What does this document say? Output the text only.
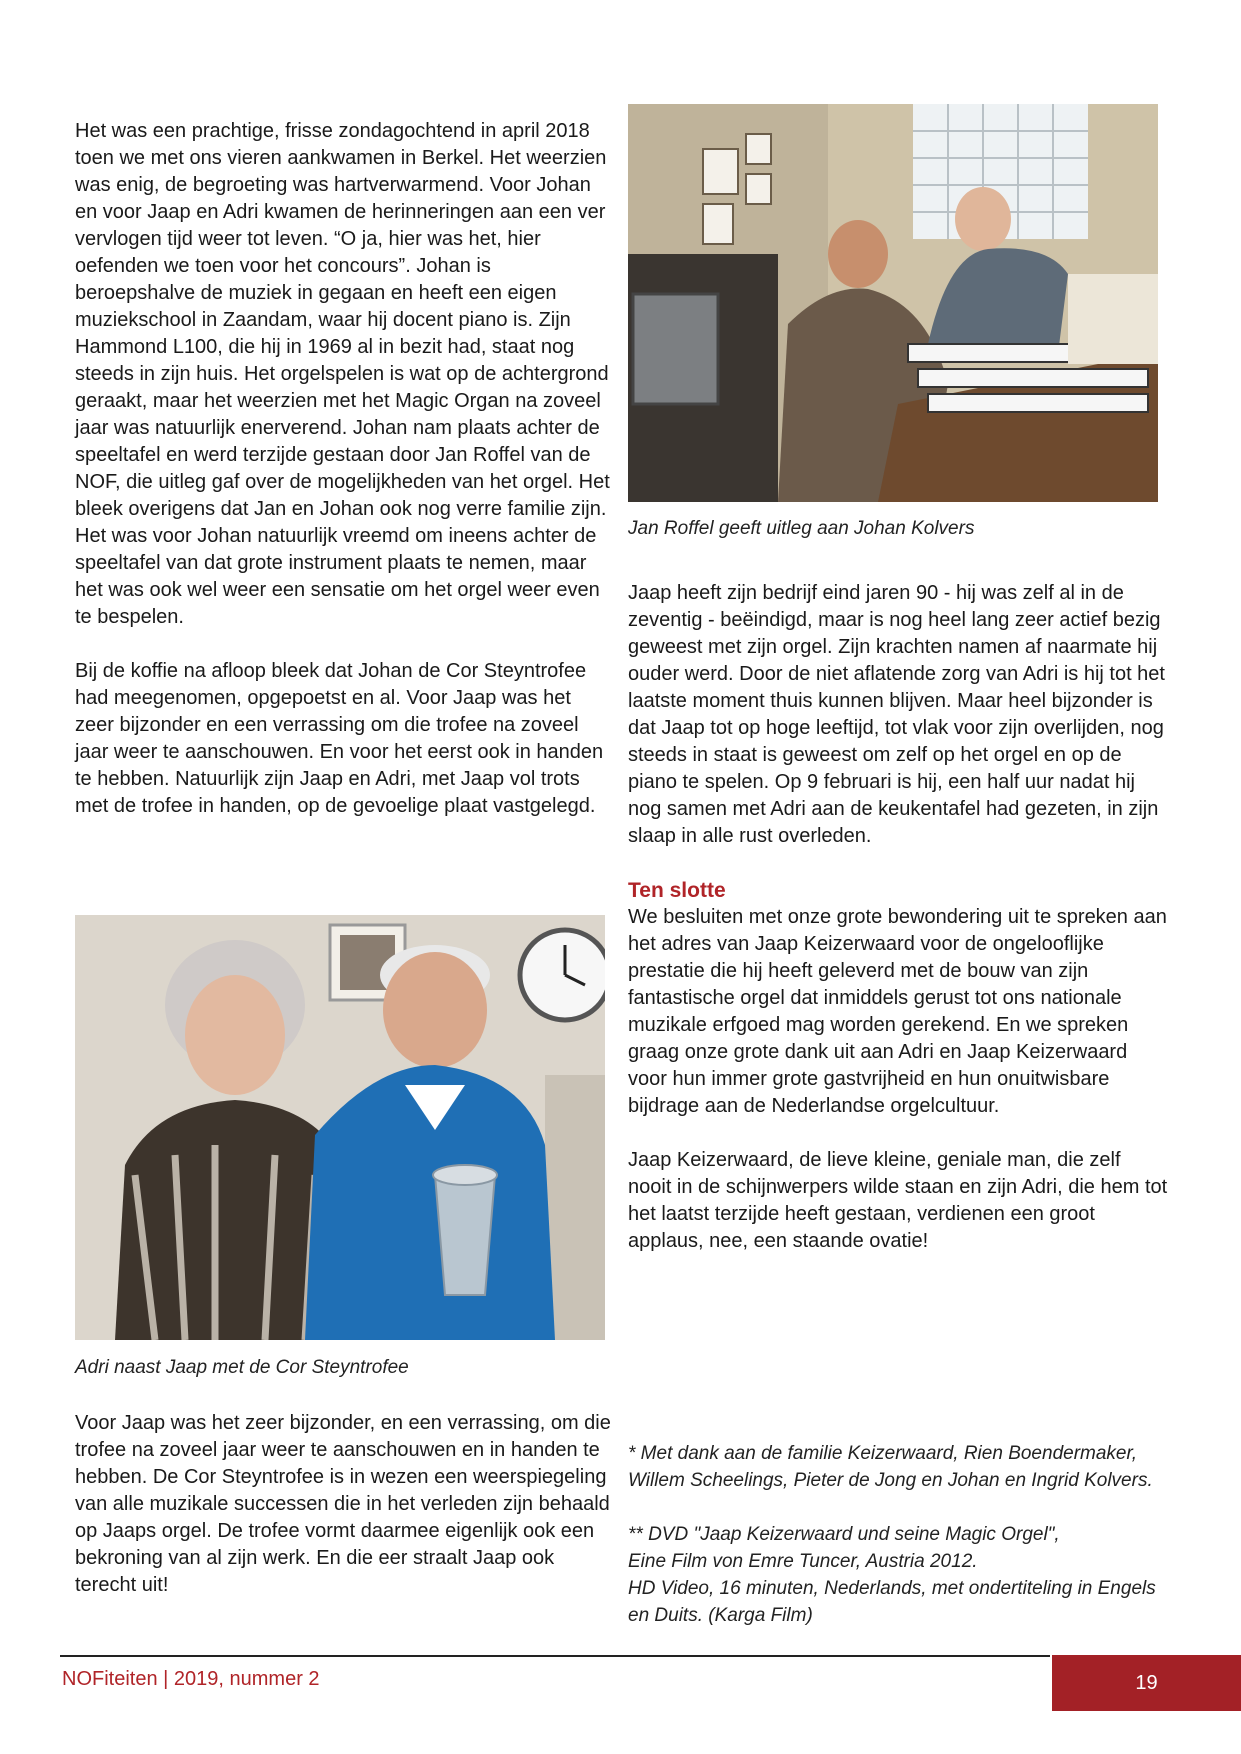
Het was een prachtige, frisse zondagochtend in april 2018 toen we met ons vieren aankwamen in Berkel. Het weerzien was enig, de begroeting was hartverwarmend. Voor Johan en voor Jaap en Adri kwamen de herinneringen aan een ver vervlogen tijd weer tot leven. “O ja, hier was het, hier oefenden we toen voor het concours”. Johan is beroepshalve de muziek in gegaan en heeft een eigen muziekschool in Zaandam, waar hij docent piano is. Zijn Hammond L100, die hij in 1969 al in bezit had, staat nog steeds in zijn huis. Het orgelspelen is wat op de achtergrond geraakt, maar het weerzien met het Magic Organ na zoveel jaar was natuurlijk enerverend. Johan nam plaats achter de speeltafel en werd terzijde gestaan door Jan Roffel van de NOF, die uitleg gaf over de mogelijkheden van het orgel. Het bleek overigens dat Jan en Johan ook nog verre familie zijn. Het was voor Johan natuurlijk vreemd om ineens achter de speeltafel van dat grote instrument plaats te nemen, maar het was ook wel weer een sensatie om het orgel weer even te bespelen.

Bij de koffie na afloop bleek dat Johan de Cor Steyntrofee had meegenomen, opgepoetst en al. Voor Jaap was het zeer bijzonder en een verrassing om die trofee na zoveel jaar weer te aanschouwen. En voor het eerst ook in handen te hebben. Natuurlijk zijn Jaap en Adri, met Jaap vol trots met de trofee in handen, op de gevoelige plaat vastgelegd.

Adri naast Jaap met de Cor Steyntrofee

Voor Jaap was het zeer bijzonder, en een verrassing, om die trofee na zoveel jaar weer te aanschouwen en in handen te hebben. De Cor Steyntrofee is in wezen een weerspiegeling van alle muzikale successen die in het verleden zijn behaald op Jaaps orgel. De trofee vormt daarmee eigenlijk ook een bekroning van al zijn werk. En die eer straalt Jaap ook terecht uit!

Jan Roffel geeft uitleg aan Johan Kolvers

Jaap heeft zijn bedrijf eind jaren 90 - hij was zelf al in de zeventig - beëindigd, maar is nog heel lang zeer actief bezig geweest met zijn orgel. Zijn krachten namen af naarmate hij ouder werd. Door de niet aflatende zorg van Adri is hij tot het laatste moment thuis kunnen blijven. Maar heel bijzonder is dat Jaap tot op hoge leeftijd, tot vlak voor zijn overlijden, nog steeds in staat is geweest om zelf op het orgel en op de piano te spelen. Op 9 februari is hij, een half uur nadat hij nog samen met Adri aan de keukentafel had gezeten, in zijn slaap in alle rust overleden.

Ten slotte

We besluiten met onze grote bewondering uit te spreken aan het adres van Jaap Keizerwaard voor de ongelooflijke prestatie die hij heeft geleverd met de bouw van zijn fantastische orgel dat inmiddels gerust tot ons nationale muzikale erfgoed mag worden gerekend. En we spreken graag onze grote dank uit aan Adri en Jaap Keizerwaard voor hun immer grote gastvrijheid en hun onuitwisbare bijdrage aan de Nederlandse orgelcultuur.

Jaap Keizerwaard, de lieve kleine, geniale man, die zelf nooit in de schijnwerpers wilde staan en zijn Adri, die hem tot het laatst terzijde heeft gestaan, verdienen een groot applaus, nee, een staande ovatie!

* Met dank aan de familie Keizerwaard, Rien Boendermaker, Willem Scheelings, Pieter de Jong en Johan en Ingrid Kolvers.

** DVD "Jaap Keizerwaard und seine Magic Orgel",

Eine Film von Emre Tuncer, Austria 2012.

HD Video, 16 minuten, Nederlands, met ondertiteling in Engels en Duits. (Karga Film)

NOFiteiten | 2019, nummer 2	19
